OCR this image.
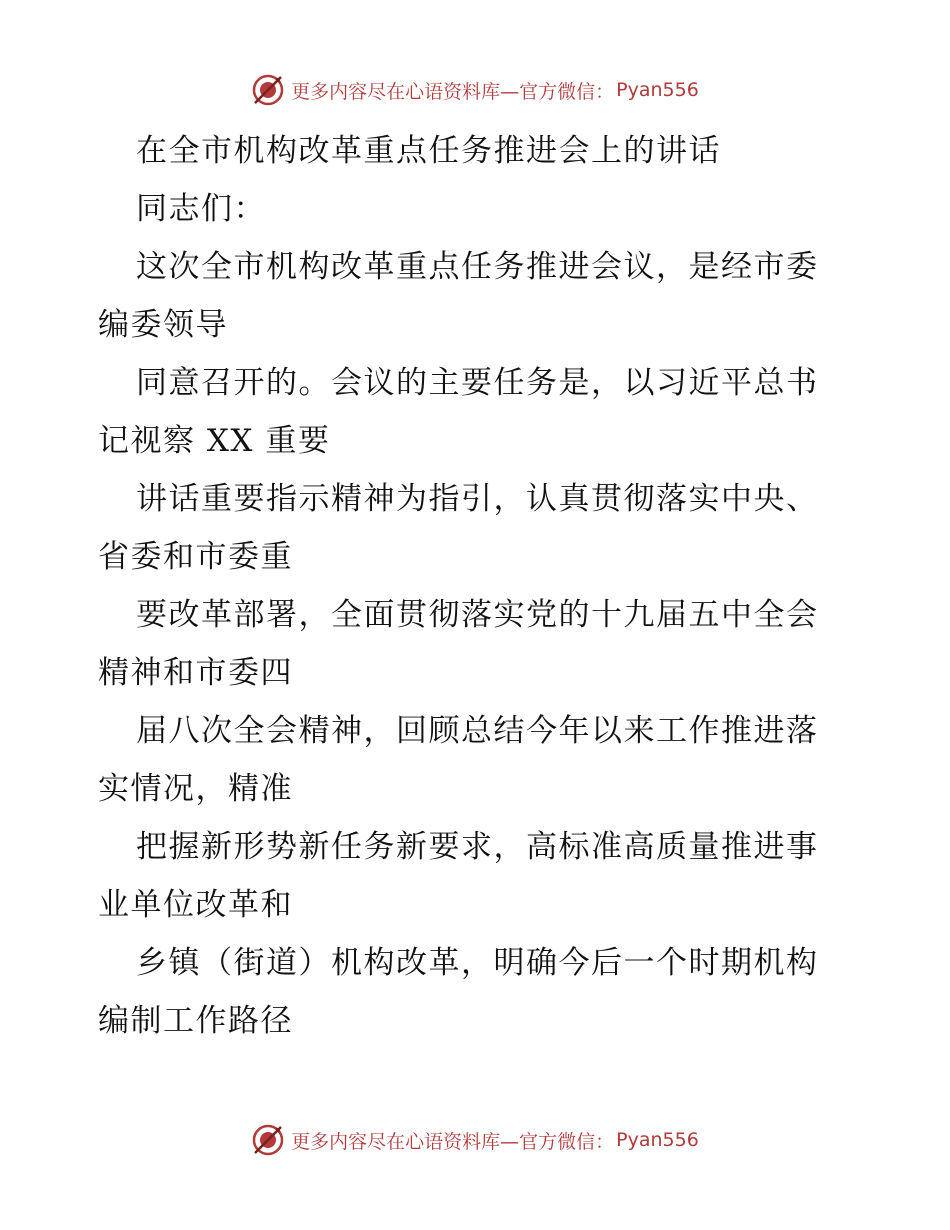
更多内容尽在心语资料库—官方微信： Pyan556
在全市机构改革重点任务推进会上的讲话
同志们：
这次全市机构改革重点任务推进会议，是经市委
编委领导
同意召开的。会议的主要任务是，以习近平总书
记视察 XX 重要
讲话重要指示精神为指引，认真贯彻落实中央、
省委和市委重
要改革部署，全面贯彻落实党的十九届五中全会
精神和市委四
届八次全会精神，回顾总结今年以来工作推进落
实情况，精准
把握新形势新任务新要求，高标准高质量推进事
业单位改革和
乡镇（街道）机构改革，明确今后一个时期机构
编制工作路径
更多内容尽在心语资料库—官方微信： Pyan556
